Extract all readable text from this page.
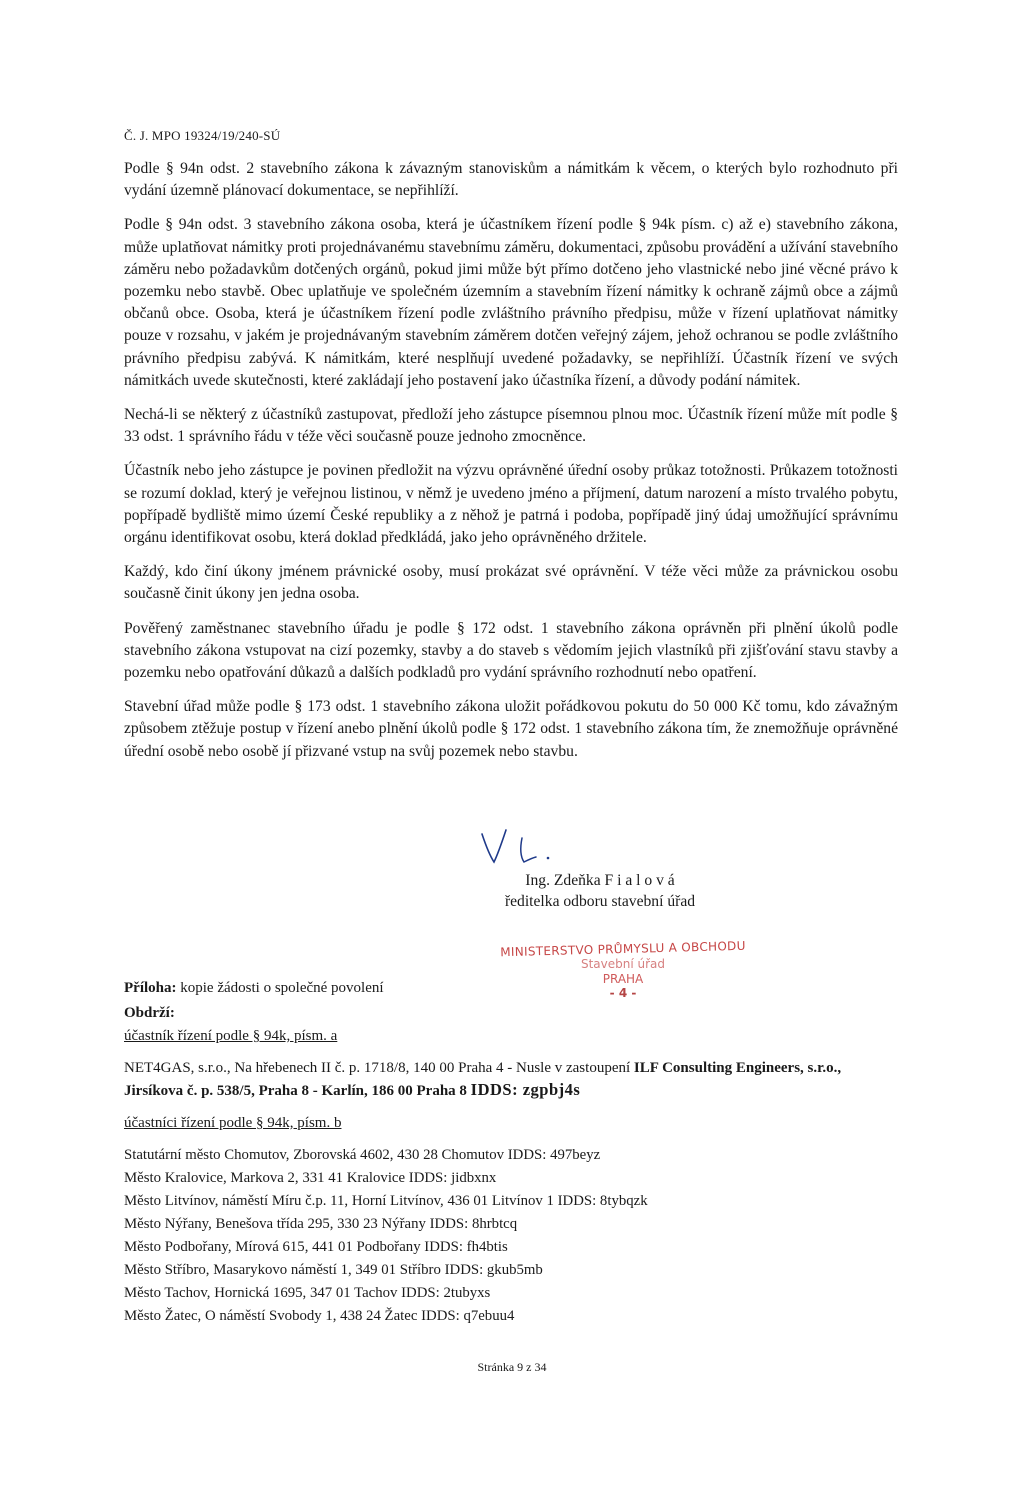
Č. J. MPO 19324/19/240-SÚ

Podle § 94n odst. 2 stavebního zákona k závazným stanoviskům a námitkám k věcem, o kterých bylo rozhodnuto při vydání územně plánovací dokumentace, se nepřihlíží.

Podle § 94n odst. 3 stavebního zákona osoba, která je účastníkem řízení podle § 94k písm. c) až e) stavebního zákona, může uplatňovat námitky proti projednávanému stavebnímu záměru, dokumentaci, způsobu provádění a užívání stavebního záměru nebo požadavkům dotčených orgánů, pokud jimi může být přímo dotčeno jeho vlastnické nebo jiné věcné právo k pozemku nebo stavbě. Obec uplatňuje ve společném územním a stavebním řízení námitky k ochraně zájmů obce a zájmů občanů obce. Osoba, která je účastníkem řízení podle zvláštního právního předpisu, může v řízení uplatňovat námitky pouze v rozsahu, v jakém je projednávaným stavebním záměrem dotčen veřejný zájem, jehož ochranou se podle zvláštního právního předpisu zabývá. K námitkám, které nesplňují uvedené požadavky, se nepřihlíží. Účastník řízení ve svých námitkách uvede skutečnosti, které zakládají jeho postavení jako účastníka řízení, a důvody podání námitek.

Nechá-li se některý z účastníků zastupovat, předloží jeho zástupce písemnou plnou moc. Účastník řízení může mít podle § 33 odst. 1 správního řádu v téže věci současně pouze jednoho zmocněnce.

Účastník nebo jeho zástupce je povinen předložit na výzvu oprávněné úřední osoby průkaz totožnosti. Průkazem totožnosti se rozumí doklad, který je veřejnou listinou, v němž je uvedeno jméno a příjmení, datum narození a místo trvalého pobytu, popřípadě bydliště mimo území České republiky a z něhož je patrná i podoba, popřípadě jiný údaj umožňující správnímu orgánu identifikovat osobu, která doklad předkládá, jako jeho oprávněného držitele.

Každý, kdo činí úkony jménem právnické osoby, musí prokázat své oprávnění. V téže věci může za právnickou osobu současně činit úkony jen jedna osoba.

Pověřený zaměstnanec stavebního úřadu je podle § 172 odst. 1 stavebního zákona oprávněn při plnění úkolů podle stavebního zákona vstupovat na cizí pozemky, stavby a do staveb s vědomím jejich vlastníků při zjišťování stavu stavby a pozemku nebo opatřování důkazů a dalších podkladů pro vydání správního rozhodnutí nebo opatření.

Stavební úřad může podle § 173 odst. 1 stavebního zákona uložit pořádkovou pokutu do 50 000 Kč tomu, kdo závažným způsobem ztěžuje postup v řízení anebo plnění úkolů podle § 172 odst. 1 stavebního zákona tím, že znemožňuje oprávněné úřední osobě nebo osobě jí přizvané vstup na svůj pozemek nebo stavbu.

Ing. Zdeňka F i a l o v á
ředitelka odboru stavební úřad
MINISTERSTVO PRŮMYSLU A OBCHODU
Stavební úřad
PRAHA
- 4 -
Příloha: kopie žádosti o společné povolení
Obdrží:
účastník řízení podle § 94k, písm. a
NET4GAS, s.r.o., Na hřebenech II č. p. 1718/8, 140 00 Praha 4 - Nusle v zastoupení ILF Consulting Engineers, s.r.o., Jirsíkova č. p. 538/5, Praha 8 - Karlín, 186 00 Praha 8 IDDS: zgpbj4s
účastníci řízení podle § 94k, písm. b
Statutární město Chomutov, Zborovská 4602, 430 28 Chomutov IDDS: 497beyz
Město Kralovice, Markova 2, 331 41 Kralovice IDDS: jidbxnx
Město Litvínov, náměstí Míru č.p. 11, Horní Litvínov, 436 01 Litvínov 1 IDDS: 8tybqzk
Město Nýřany, Benešova třída 295, 330 23 Nýřany IDDS: 8hrbtcq
Město Podbořany, Mírová 615, 441 01 Podbořany IDDS: fh4btis
Město Stříbro, Masarykovo náměstí 1, 349 01 Stříbro IDDS: gkub5mb
Město Tachov, Hornická 1695, 347 01 Tachov IDDS: 2tubyxs
Město Žatec, O náměstí Svobody 1, 438 24 Žatec IDDS: q7ebuu4
Stránka 9 z 34
